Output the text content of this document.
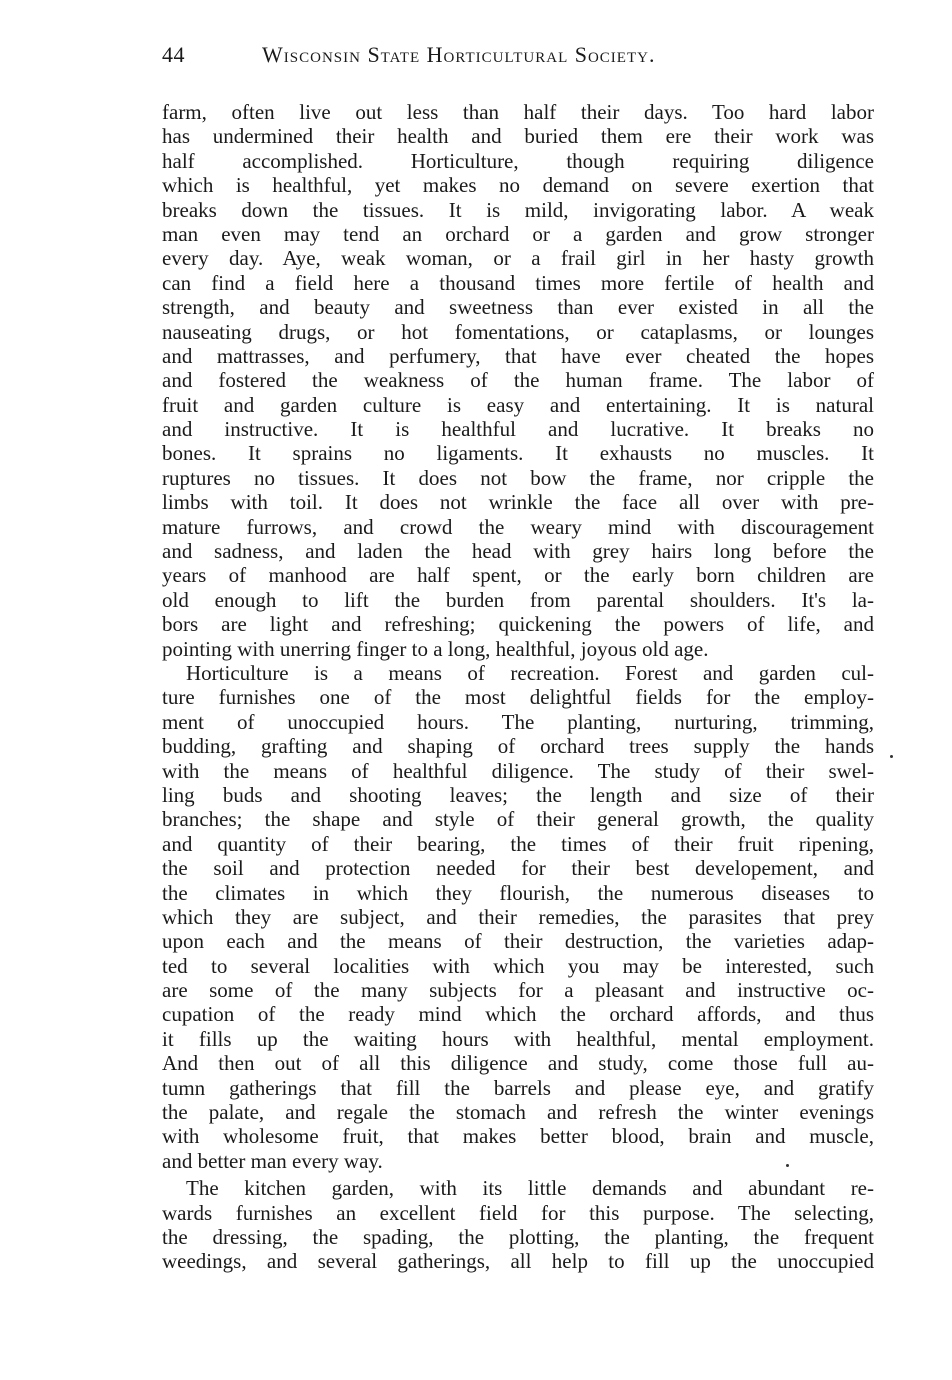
44	Wisconsin State Horticultural Society.
farm, often live out less than half their days. Too hard labor
has undermined their health and buried them ere their work was
half accomplished. Horticulture, though requiring diligence
which is healthful, yet makes no demand on severe exertion that
breaks down the tissues. It is mild, invigorating labor. A weak
man even may tend an orchard or a garden and grow stronger
every day. Aye, weak woman, or a frail girl in her hasty growth
can find a field here a thousand times more fertile of health and
strength, and beauty and sweetness than ever existed in all the
nauseating drugs, or hot fomentations, or cataplasms, or lounges
and mattrasses, and perfumery, that have ever cheated the hopes
and fostered the weakness of the human frame. The labor of
fruit and garden culture is easy and entertaining. It is natural
and instructive. It is healthful and lucrative. It breaks no
bones. It sprains no ligaments. It exhausts no muscles. It
ruptures no tissues. It does not bow the frame, nor cripple the
limbs with toil. It does not wrinkle the face all over with pre-
mature furrows, and crowd the weary mind with discouragement
and sadness, and laden the head with grey hairs long before the
years of manhood are half spent, or the early born children are
old enough to lift the burden from parental shoulders. It's la-
bors are light and refreshing; quickening the powers of life, and
pointing with unerring finger to a long, healthful, joyous old age.
Horticulture is a means of recreation. Forest and garden cul-
ture furnishes one of the most delightful fields for the employ-
ment of unoccupied hours. The planting, nurturing, trimming,
budding, grafting and shaping of orchard trees supply the hands
with the means of healthful diligence. The study of their swel-
ling buds and shooting leaves; the length and size of their
branches; the shape and style of their general growth, the quality
and quantity of their bearing, the times of their fruit ripening,
the soil and protection needed for their best developement, and
the climates in which they flourish, the numerous diseases to
which they are subject, and their remedies, the parasites that prey
upon each and the means of their destruction, the varieties adap-
ted to several localities with which you may be interested, such
are some of the many subjects for a pleasant and instructive oc-
cupation of the ready mind which the orchard affords, and thus
it fills up the waiting hours with healthful, mental employment.
And then out of all this diligence and study, come those full au-
tumn gatherings that fill the barrels and please eye, and gratify
the palate, and regale the stomach and refresh the winter evenings
with wholesome fruit, that makes better blood, brain and muscle,
and better man every way.
The kitchen garden, with its little demands and abundant re-
wards furnishes an excellent field for this purpose. The selecting,
the dressing, the spading, the plotting, the planting, the frequent
weedings, and several gatherings, all help to fill up the unoccupied
